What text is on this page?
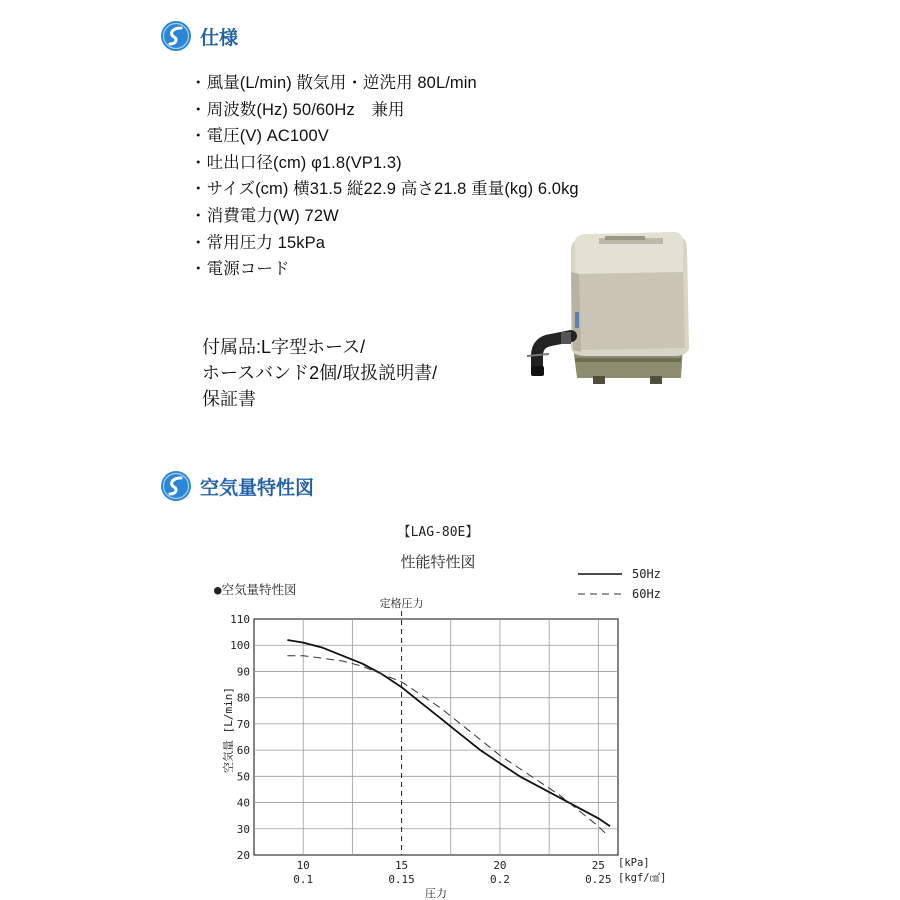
仕様
・風量(L/min) 散気用・逆洗用 80L/min
・周波数(Hz) 50/60Hz　兼用
・電圧(V) AC100V
・吐出口径(cm) φ1.8(VP1.3)
・サイズ(cm) 横31.5 縦22.9 高さ21.8 重量(kg) 6.0kg
・消費電力(W) 72W
・常用圧力 15kPa
・電源コード
付属品:L字型ホース/
ホースバンド2個/取扱説明書/
保証書
空気量特性図
【LAG-80E】
性能特性図
●空気量特性図
50Hz
60Hz
20
30
40
50
60
70
80
90
100
110
10
0.1
15
0.15
20
0.2
25
0.25
定格圧力
[kPa]
[kgf/㎠]
圧力
空気量 [L/min]
